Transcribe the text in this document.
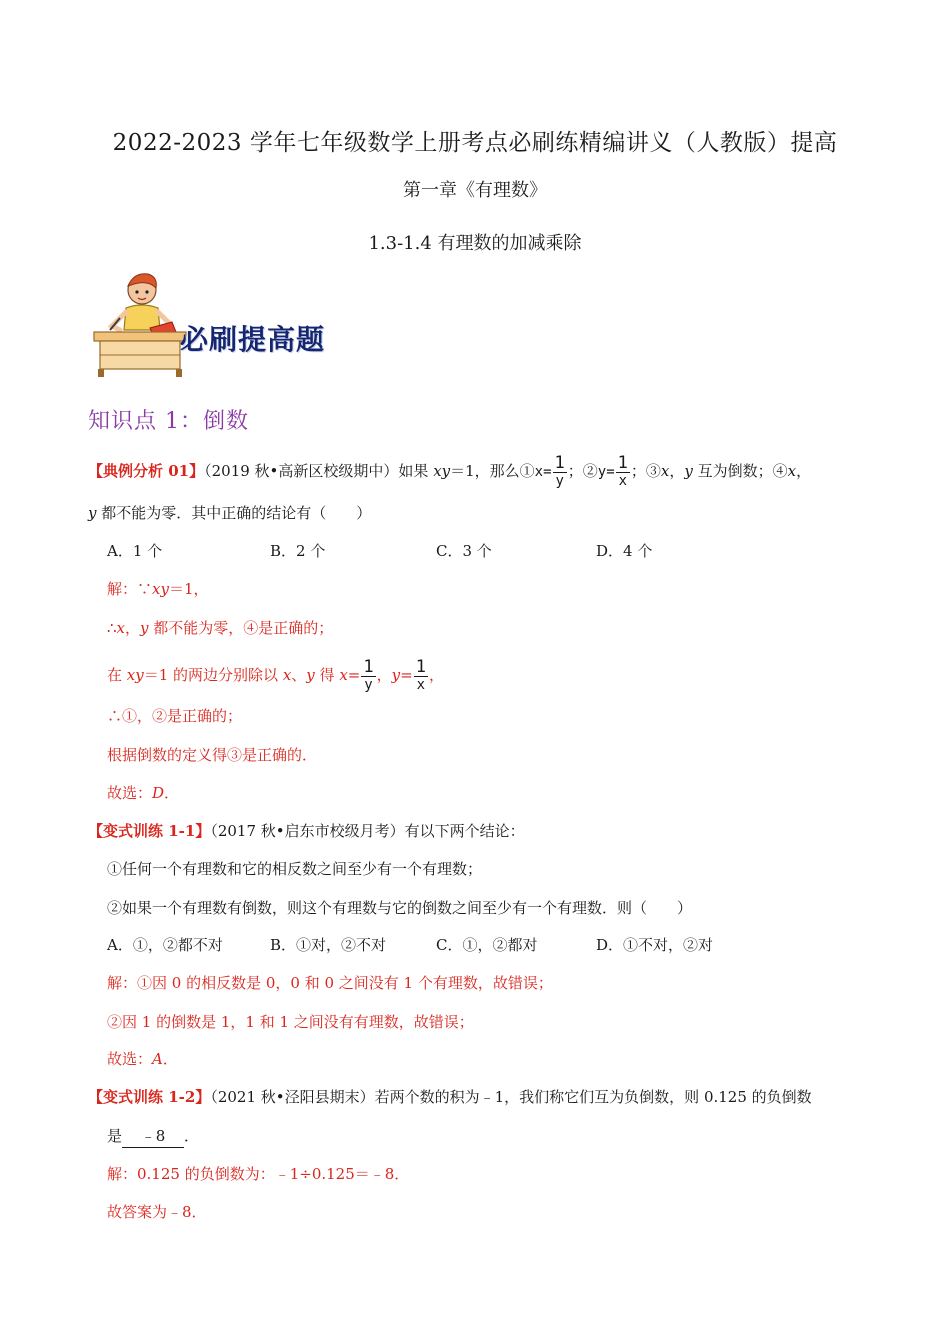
2022-2023 学年七年级数学上册考点必刷练精编讲义（人教版）提高
第一章《有理数》
1.3-1.4 有理数的加减乘除
必刷提高题
知识点 1：倒数
【典例分析 01】（2019 秋•高新区校级期中）如果 xy＝1，那么①x= $\frac{1}{y}$ ；②y= $\frac{1}{x}$ ；③x，y 互为倒数；④x，
y 都不能为零．其中正确的结论有（　　）
A．1 个	B．2 个	C．3 个	D．4 个
解：∵xy＝1，
∴x，y 都不能为零，④是正确的；
在 xy＝1 的两边分别除以 x、y 得 $x= \frac{1}{y}$ ，$y= \frac{1}{x}$ ，
∴①，②是正确的；
根据倒数的定义得③是正确的．
故选：D．
【变式训练 1-1】（2017 秋•启东市校级月考）有以下两个结论：
①任何一个有理数和它的相反数之间至少有一个有理数；
②如果一个有理数有倒数，则这个有理数与它的倒数之间至少有一个有理数．则（　　）
A．①，②都不对	B．①对，②不对	C．①，②都对	D．①不对，②对
解：①因 0 的相反数是 0，0 和 0 之间没有 1 个有理数，故错误；
②因 1 的倒数是 1，1 和 1 之间没有有理数，故错误；
故选：A．
【变式训练 1-2】（2021 秋•泾阳县期末）若两个数的积为﹣1，我们称它们互为负倒数，则 0.125 的负倒数
是 ﹣8 ．
解：0.125 的负倒数为：﹣1÷0.125＝﹣8．
故答案为﹣8．
